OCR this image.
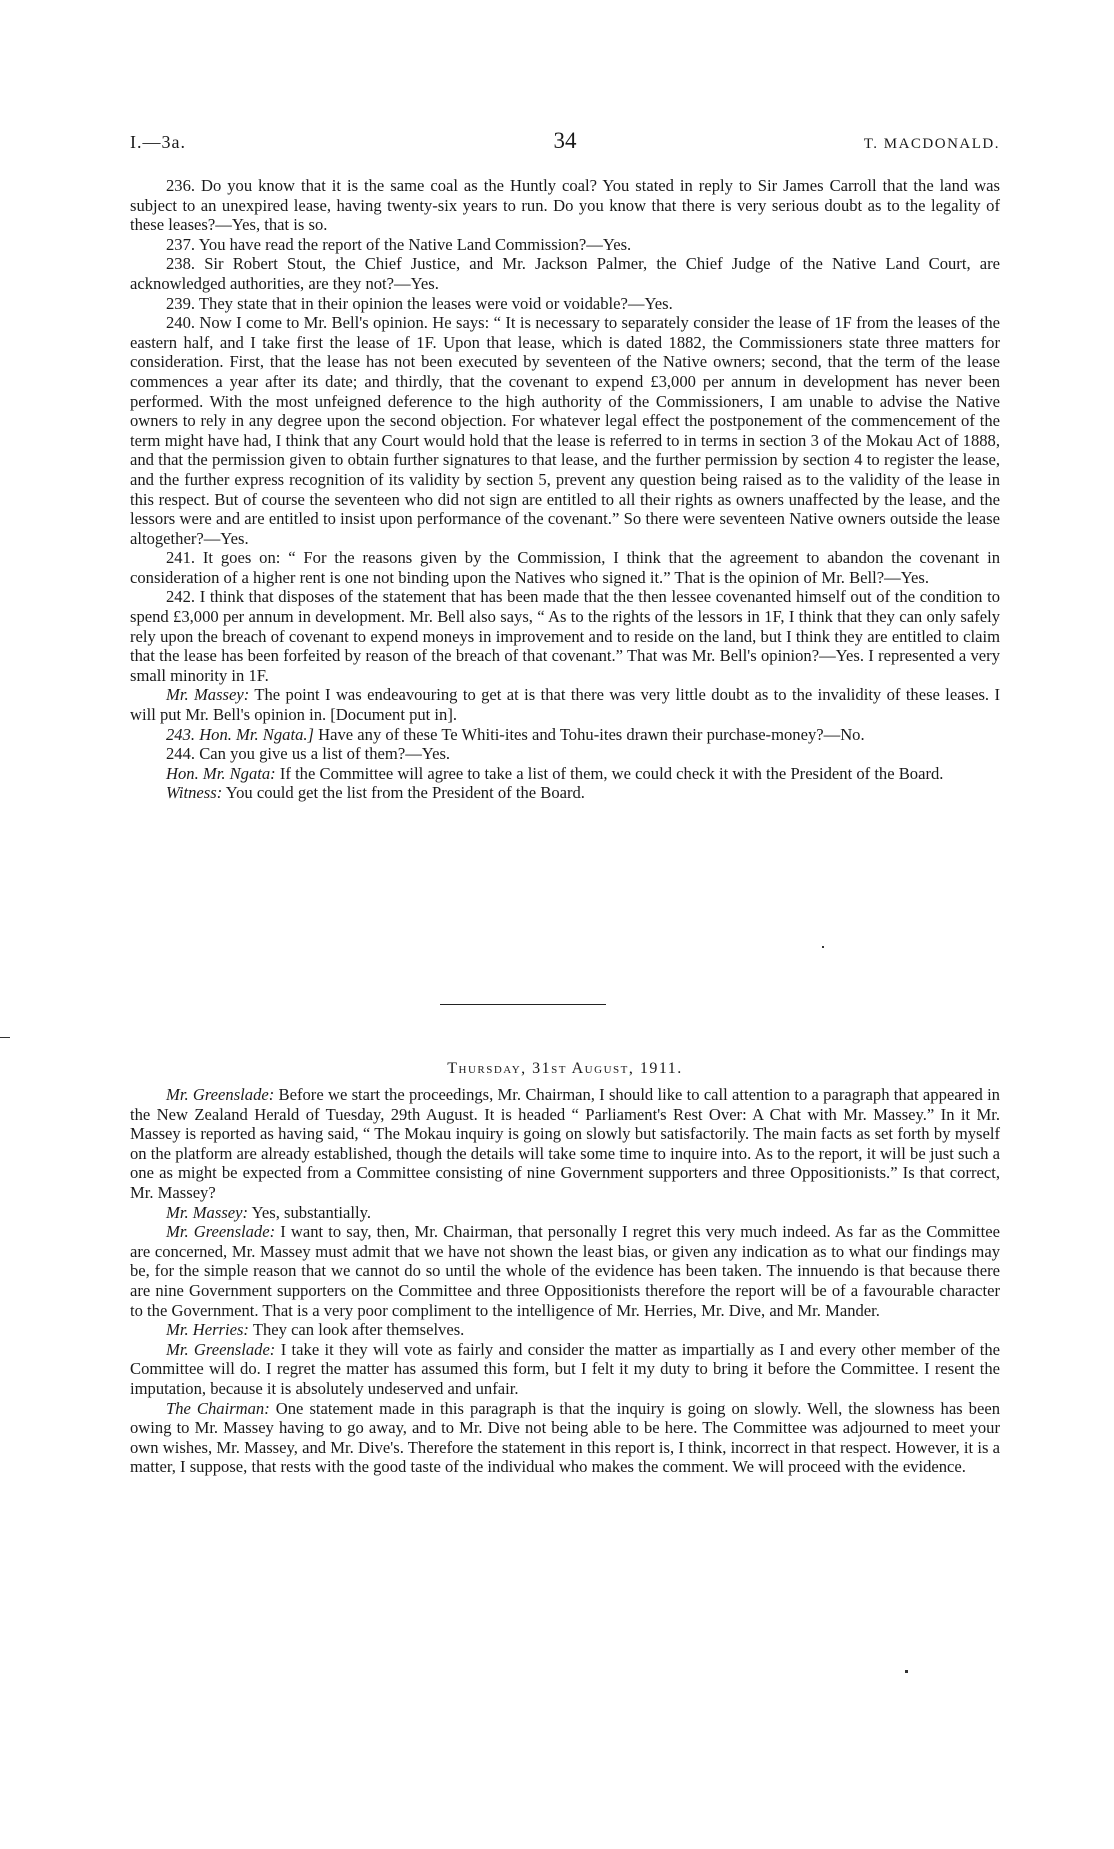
I.—3a.	34	T. MACDONALD.

236. Do you know that it is the same coal as the Huntly coal? You stated in reply to Sir James Carroll that the land was subject to an unexpired lease, having twenty-six years to run. Do you know that there is very serious doubt as to the legality of these leases?—Yes, that is so.

237. You have read the report of the Native Land Commission?—Yes.

238. Sir Robert Stout, the Chief Justice, and Mr. Jackson Palmer, the Chief Judge of the Native Land Court, are acknowledged authorities, are they not?—Yes.

239. They state that in their opinion the leases were void or voidable?—Yes.

240. Now I come to Mr. Bell's opinion. He says: “ It is necessary to separately consider the lease of 1F from the leases of the eastern half, and I take first the lease of 1F. Upon that lease, which is dated 1882, the Commissioners state three matters for consideration. First, that the lease has not been executed by seventeen of the Native owners; second, that the term of the lease commences a year after its date; and thirdly, that the covenant to expend £3,000 per annum in development has never been performed. With the most unfeigned deference to the high authority of the Commissioners, I am unable to advise the Native owners to rely in any degree upon the second objection. For whatever legal effect the postponement of the commencement of the term might have had, I think that any Court would hold that the lease is referred to in terms in section 3 of the Mokau Act of 1888, and that the permission given to obtain further signatures to that lease, and the further permission by section 4 to register the lease, and the further express recognition of its validity by section 5, prevent any question being raised as to the validity of the lease in this respect. But of course the seventeen who did not sign are entitled to all their rights as owners unaffected by the lease, and the lessors were and are entitled to insist upon performance of the covenant.” So there were seventeen Native owners outside the lease altogether?—Yes.

241. It goes on: “ For the reasons given by the Commission, I think that the agreement to abandon the covenant in consideration of a higher rent is one not binding upon the Natives who signed it.” That is the opinion of Mr. Bell?—Yes.

242. I think that disposes of the statement that has been made that the then lessee covenanted himself out of the condition to spend £3,000 per annum in development. Mr. Bell also says, “ As to the rights of the lessors in 1F, I think that they can only safely rely upon the breach of covenant to expend moneys in improvement and to reside on the land, but I think they are entitled to claim that the lease has been forfeited by reason of the breach of that covenant.” That was Mr. Bell's opinion?—Yes. I represented a very small minority in 1F.

Mr. Massey: The point I was endeavouring to get at is that there was very little doubt as to the invalidity of these leases. I will put Mr. Bell's opinion in. [Document put in].

243. Hon. Mr. Ngata.] Have any of these Te Whiti-ites and Tohu-ites drawn their purchase-money?—No.

244. Can you give us a list of them?—Yes.

Hon. Mr. Ngata: If the Committee will agree to take a list of them, we could check it with the President of the Board.

Witness: You could get the list from the President of the Board.

Thursday, 31st August, 1911.

Mr. Greenslade: Before we start the proceedings, Mr. Chairman, I should like to call attention to a paragraph that appeared in the New Zealand Herald of Tuesday, 29th August. It is headed “ Parliament's Rest Over: A Chat with Mr. Massey.” In it Mr. Massey is reported as having said, “ The Mokau inquiry is going on slowly but satisfactorily. The main facts as set forth by myself on the platform are already established, though the details will take some time to inquire into. As to the report, it will be just such a one as might be expected from a Committee consisting of nine Government supporters and three Oppositionists.” Is that correct, Mr. Massey?

Mr. Massey: Yes, substantially.

Mr. Greenslade: I want to say, then, Mr. Chairman, that personally I regret this very much indeed. As far as the Committee are concerned, Mr. Massey must admit that we have not shown the least bias, or given any indication as to what our findings may be, for the simple reason that we cannot do so until the whole of the evidence has been taken. The innuendo is that because there are nine Government supporters on the Committee and three Oppositionists therefore the report will be of a favourable character to the Government. That is a very poor compliment to the intelligence of Mr. Herries, Mr. Dive, and Mr. Mander.

Mr. Herries: They can look after themselves.

Mr. Greenslade: I take it they will vote as fairly and consider the matter as impartially as I and every other member of the Committee will do. I regret the matter has assumed this form, but I felt it my duty to bring it before the Committee. I resent the imputation, because it is absolutely undeserved and unfair.

The Chairman: One statement made in this paragraph is that the inquiry is going on slowly. Well, the slowness has been owing to Mr. Massey having to go away, and to Mr. Dive not being able to be here. The Committee was adjourned to meet your own wishes, Mr. Massey, and Mr. Dive's. Therefore the statement in this report is, I think, incorrect in that respect. However, it is a matter, I suppose, that rests with the good taste of the individual who makes the comment. We will proceed with the evidence.
